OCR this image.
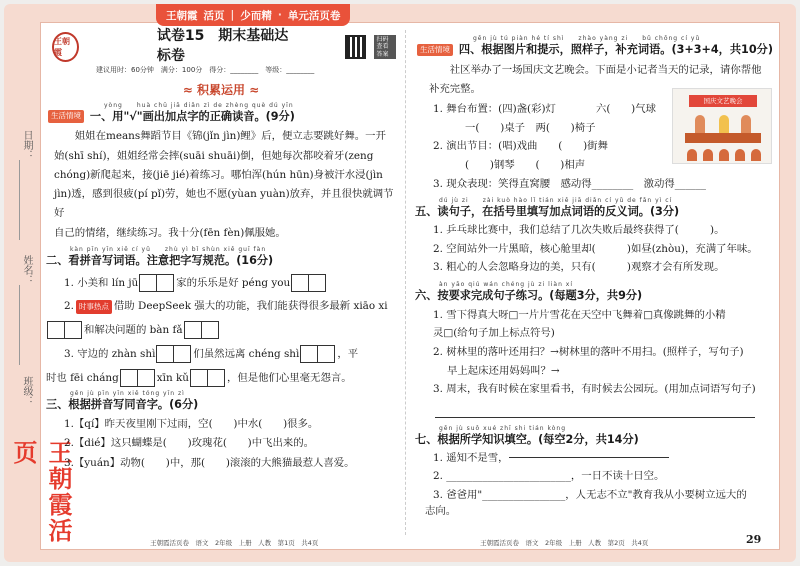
王朝霞 活页 | 少而精 · 单元活页卷
日期：
姓名：
班级：
王朝霞活页
王朝霞
试卷15　期末基础达标卷
扫码查看答案
建议用时：60分钟　满分：100分　得分：________　等级：________
≈ 积累运用 ≈
yòng　　huà chū jiā diǎn zì de zhèng què dú yīn
生活情境 一、用"√"画出加点字的正确读音。(9分)
姐姐在means舞蹈节目《锦(jǐn jìn)鲤》后，便立志要跳好舞。一开始(shī shí)，姐姐经常会摔(suāi shuāi)倒，但她每次都咬着牙(zeng
chóng)新爬起来，接(jiē jié)着练习。哪怕浑(hún hūn)身被汗水浸(jìn
jìn)透，感到很疲(pí pǐ)劳，她也不愿(yùan yuàn)放弃，并且很快就调节好
自己的情绪，继续练习。我十分(fēn fèn)佩服她。
kàn pīn yīn xiě cí yǔ　　zhù yì bǐ shùn xiě guī fàn
二、看拼音写词语。注意把字写规范。(16分)
1. 小美和 lín jū	家的乐乐是好 péng you
2. 时事热点 借助 DeepSeek 强大的功能，我们能获得很多最新 xiāo xi
和解决问题的 bàn fǎ
3. 守边的 zhàn shì	们虽然远离 chéng shì	，平
时也 fēi cháng	xīn kǔ	，但是他们心里毫无怨言。
gēn jù pīn yīn xiě tóng yīn zì
三、根据拼音写同音字。(6分)
1.【qí】昨天夜里刚下过雨，空(　　)中水(　　)很多。
2.【dié】这只蝴蝶是(　　)玫瑰花(　　)中飞出来的。
3.【yuán】动物(　　)中，那(　　)滚滚的大熊猫最惹人喜爱。
gēn jù tú piàn hé tí shì　　zhào yàng zi　　bǔ chōng cí yǔ
生活情境 四、根据图片和提示，照样子，补充词语。(3+3+4，共10分)
社区举办了一场国庆文艺晚会。下面是小记者当天的记录，请你帮他
补充完整。
1. 舞台布置：(四)盏(彩)灯	六(　　)气球
一(　　)桌子　两(　　)椅子
2. 演出节目：(唱)戏曲　　(　　)街舞
(　　)钢琴　　(　　)相声
3. 现众表现：笑得直窝腰　感动得________　激动得______
dú jù zi　　zài kuò hào lǐ tián xiě jiā diǎn cí yǔ de fǎn yì cí
五、读句子，在括号里填写加点词语的反义词。(3分)
1. 乒乓球比赛中，我们总结了几次失败后最终获得了(　　　)。
2. 空间站外一片黑暗，核心舱里却(　　　)如昼(zhòu)，充满了年味。
3. 粗心的人会忽略身边的美，只有(　　　)观察才会有所发现。
àn yāo qiú wán chéng jù zi liàn xí
六、按要求完成句子练习。(每题3分，共9分)
1. 雪下得真大呀□一片片雪花在天空中飞舞着□真像跳舞的小精
灵□(给句子加上标点符号)
2. 树林里的落叶还用扫？→树林里的落叶不用扫。(照样子，写句子)
早上起床还用妈妈叫？→
3. 周末，我有时候在家里看书，有时候去公园玩。(用加点词语写句子)
gēn jù suǒ xué zhī shi tián kòng
七、根据所学知识填空。(每空2分，共14分)
1. 遥知不是雪，
2. ________________________，一日不读十日空。
3. 爸爸用"________________，人无志不立"教育我从小要树立远大的
志向。
国庆文艺晚会
王朝霞活页卷　语文　2年级　上册　人教　第1页　共4页	王朝霞活页卷　语文　2年级　上册　人教　第2页　共4页	29
